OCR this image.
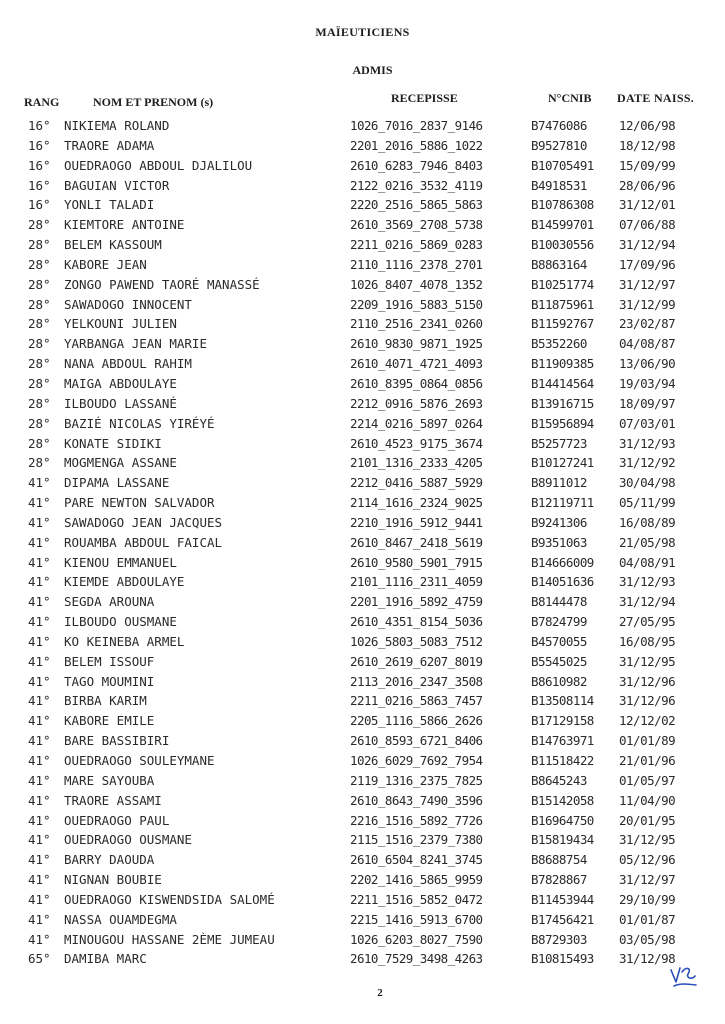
MAÏEUTICIENS
ADMIS
RANG	NOM ET PRENOM (s)	RECEPISSE	N°CNIB DATE NAISS.
16° NIKIEMA ROLAND	1026_7016_2837_9146	B7476086	12/06/98
16° TRAORE ADAMA	2201_2016_5886_1022	B9527810	18/12/98
16° OUEDRAOGO ABDOUL DJALILOU	2610_6283_7946_8403	B10705491 15/09/99
16° BAGUIAN VICTOR	2122_0216_3532_4119	B4918531	28/06/96
16° YONLI TALADI	2220_2516_5865_5863	B10786308 31/12/01
28° KIEMTORE ANTOINE	2610_3569_2708_5738	B14599701 07/06/88
28° BELEM KASSOUM	2211_0216_5869_0283	B10030556 31/12/94
28° KABORE JEAN	2110_1116_2378_2701	B8863164	17/09/96
28° ZONGO PAWEND TAORÉ MANASSÉ	1026_8407_4078_1352	B10251774 31/12/97
28° SAWADOGO INNOCENT	2209_1916_5883_5150	B11875961 31/12/99
28° YELKOUNI JULIEN	2110_2516_2341_0260	B11592767 23/02/87
28° YARBANGA JEAN MARIE	2610_9830_9871_1925	B5352260	04/08/87
28° NANA ABDOUL RAHIM	2610_4071_4721_4093	B11909385 13/06/90
28° MAIGA ABDOULAYE	2610_8395_0864_0856	B14414564 19/03/94
28° ILBOUDO LASSANÉ	2212_0916_5876_2693	B13916715 18/09/97
28° BAZIÉ NICOLAS YIRÉYÉ	2214_0216_5897_0264	B15956894 07/03/01
28° KONATE SIDIKI	2610_4523_9175_3674	B5257723	31/12/93
28° MOGMENGA ASSANE	2101_1316_2333_4205	B10127241 31/12/92
41° DIPAMA LASSANE	2212_0416_5887_5929	B8911012	30/04/98
41° PARE NEWTON SALVADOR	2114_1616_2324_9025	B12119711 05/11/99
41° SAWADOGO JEAN JACQUES	2210_1916_5912_9441	B9241306	16/08/89
41° ROUAMBA ABDOUL FAICAL	2610_8467_2418_5619	B9351063	21/05/98
41° KIENOU EMMANUEL	2610_9580_5901_7915	B14666009 04/08/91
41° KIEMDE ABDOULAYE	2101_1116_2311_4059	B14051636 31/12/93
41° SEGDA AROUNA	2201_1916_5892_4759	B8144478	31/12/94
41° ILBOUDO OUSMANE	2610_4351_8154_5036	B7824799	27/05/95
41° KO KEINEBA ARMEL	1026_5803_5083_7512	B4570055	16/08/95
41° BELEM ISSOUF	2610_2619_6207_8019	B5545025	31/12/95
41° TAGO MOUMINI	2113_2016_2347_3508	B8610982	31/12/96
41° BIRBA KARIM	2211_0216_5863_7457	B13508114 31/12/96
41° KABORE EMILE	2205_1116_5866_2626	B17129158 12/12/02
41° BARE BASSIBIRI	2610_8593_6721_8406	B14763971 01/01/89
41° OUEDRAOGO SOULEYMANE	1026_6029_7692_7954	B11518422 21/01/96
41° MARE SAYOUBA	2119_1316_2375_7825	B8645243	01/05/97
41° TRAORE ASSAMI	2610_8643_7490_3596	B15142058 11/04/90
41° OUEDRAOGO PAUL	2216_1516_5892_7726	B16964750 20/01/95
41° OUEDRAOGO OUSMANE	2115_1516_2379_7380	B15819434 31/12/95
41° BARRY DAOUDA	2610_6504_8241_3745	B8688754	05/12/96
41° NIGNAN BOUBIE	2202_1416_5865_9959	B7828867	31/12/97
41° OUEDRAOGO KISWENDSIDA SALOMÉ	2211_1516_5852_0472	B11453944 29/10/99
41° NASSA OUAMDEGMA	2215_1416_5913_6700	B17456421 01/01/87
41° MINOUGOU HASSANE 2ÈME JUMEAU	1026_6203_8027_7590	B8729303	03/05/98
65° DAMIBA MARC	2610_7529_3498_4263	B10815493 31/12/98
2
